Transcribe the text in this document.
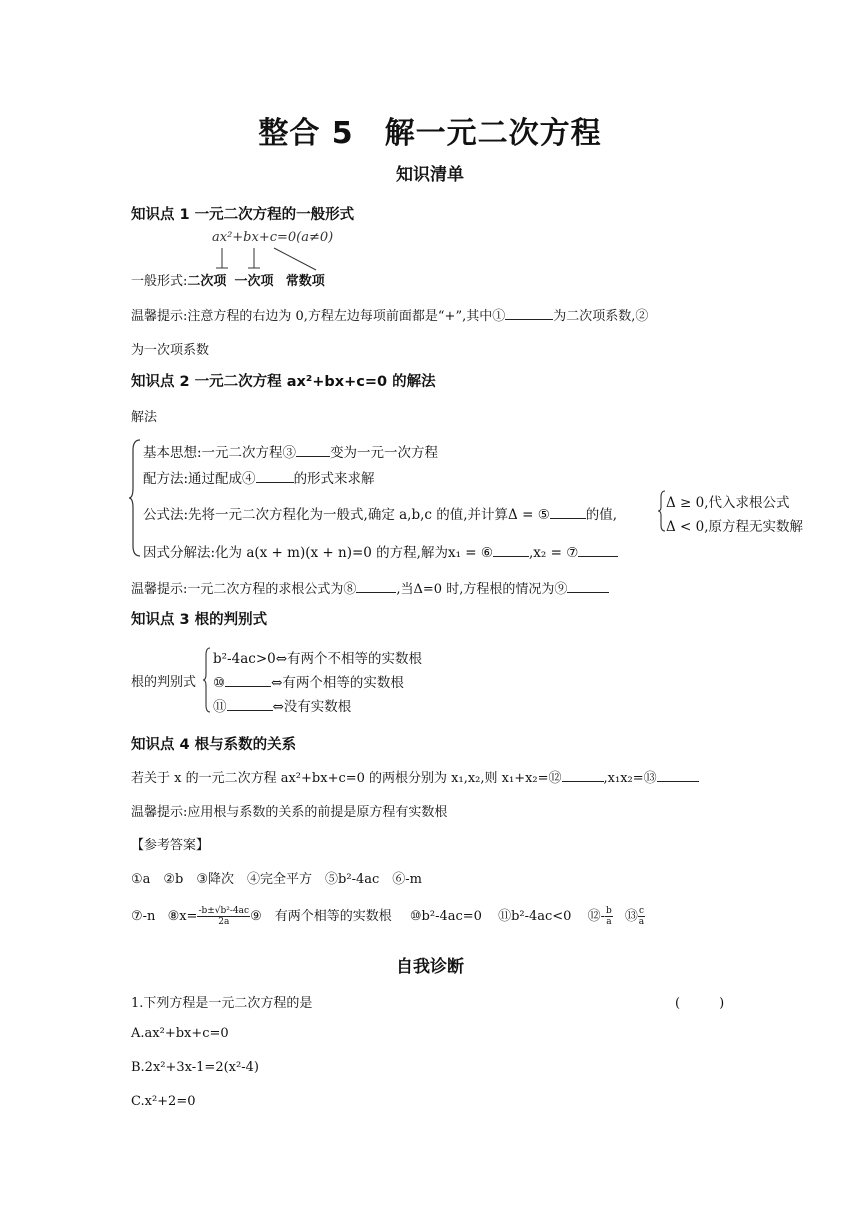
整合 5　解一元二次方程
知识清单
知识点 1 一元二次方程的一般形式
ax²+bx+c=0(a≠0)
一般形式:二次项 一次项 常数项
温馨提示:注意方程的右边为 0,方程左边每项前面都是“+”,其中①	为二次项系数,②
为一次项系数
知识点 2 一元二次方程 ax²+bx+c=0 的解法
解法
基本思想:一元二次方程③	变为一元一次方程
配方法:通过配成④	的形式来求解
公式法:先将一元二次方程化为一般式,确定 a,b,c 的值,并计算Δ = ⑤	的值,
Δ ≥ 0,代入求根公式
Δ < 0,原方程无实数解
因式分解法:化为 a(x + m)(x + n)=0 的方程,解为x₁ = ⑥	,x₂ = ⑦
温馨提示:一元二次方程的求根公式为⑧	,当Δ=0 时,方程根的情况为⑨
知识点 3 根的判别式
根的判别式
b²-4ac>0⇔有两个不相等的实数根
⑩	⇔有两个相等的实数根
⑪	⇔没有实数根
知识点 4 根与系数的关系
若关于 x 的一元二次方程 ax²+bx+c=0 的两根分别为 x₁,x₂,则 x₁+x₂=⑫	,x₁x₂=⑬
温馨提示:应用根与系数的关系的前提是原方程有实数根
【参考答案】
①a　②b　③降次　④完全平方　⑤b²-4ac　⑥-m
⑦-n ⑧x= $\frac{\text{-b±√b²-4ac}}{2a}$ ⑨　有两个相等的实数根 ⑩b²-4ac=0 ⑪b²-4ac<0 ⑫- $\frac{b}{a}$ ⑬ $\frac{c}{a}$
自我诊断
1.下列方程是一元二次方程的是	(　　　)
A.ax²+bx+c=0
B.2x²+3x-1=2(x²-4)
C.x²+2=0
